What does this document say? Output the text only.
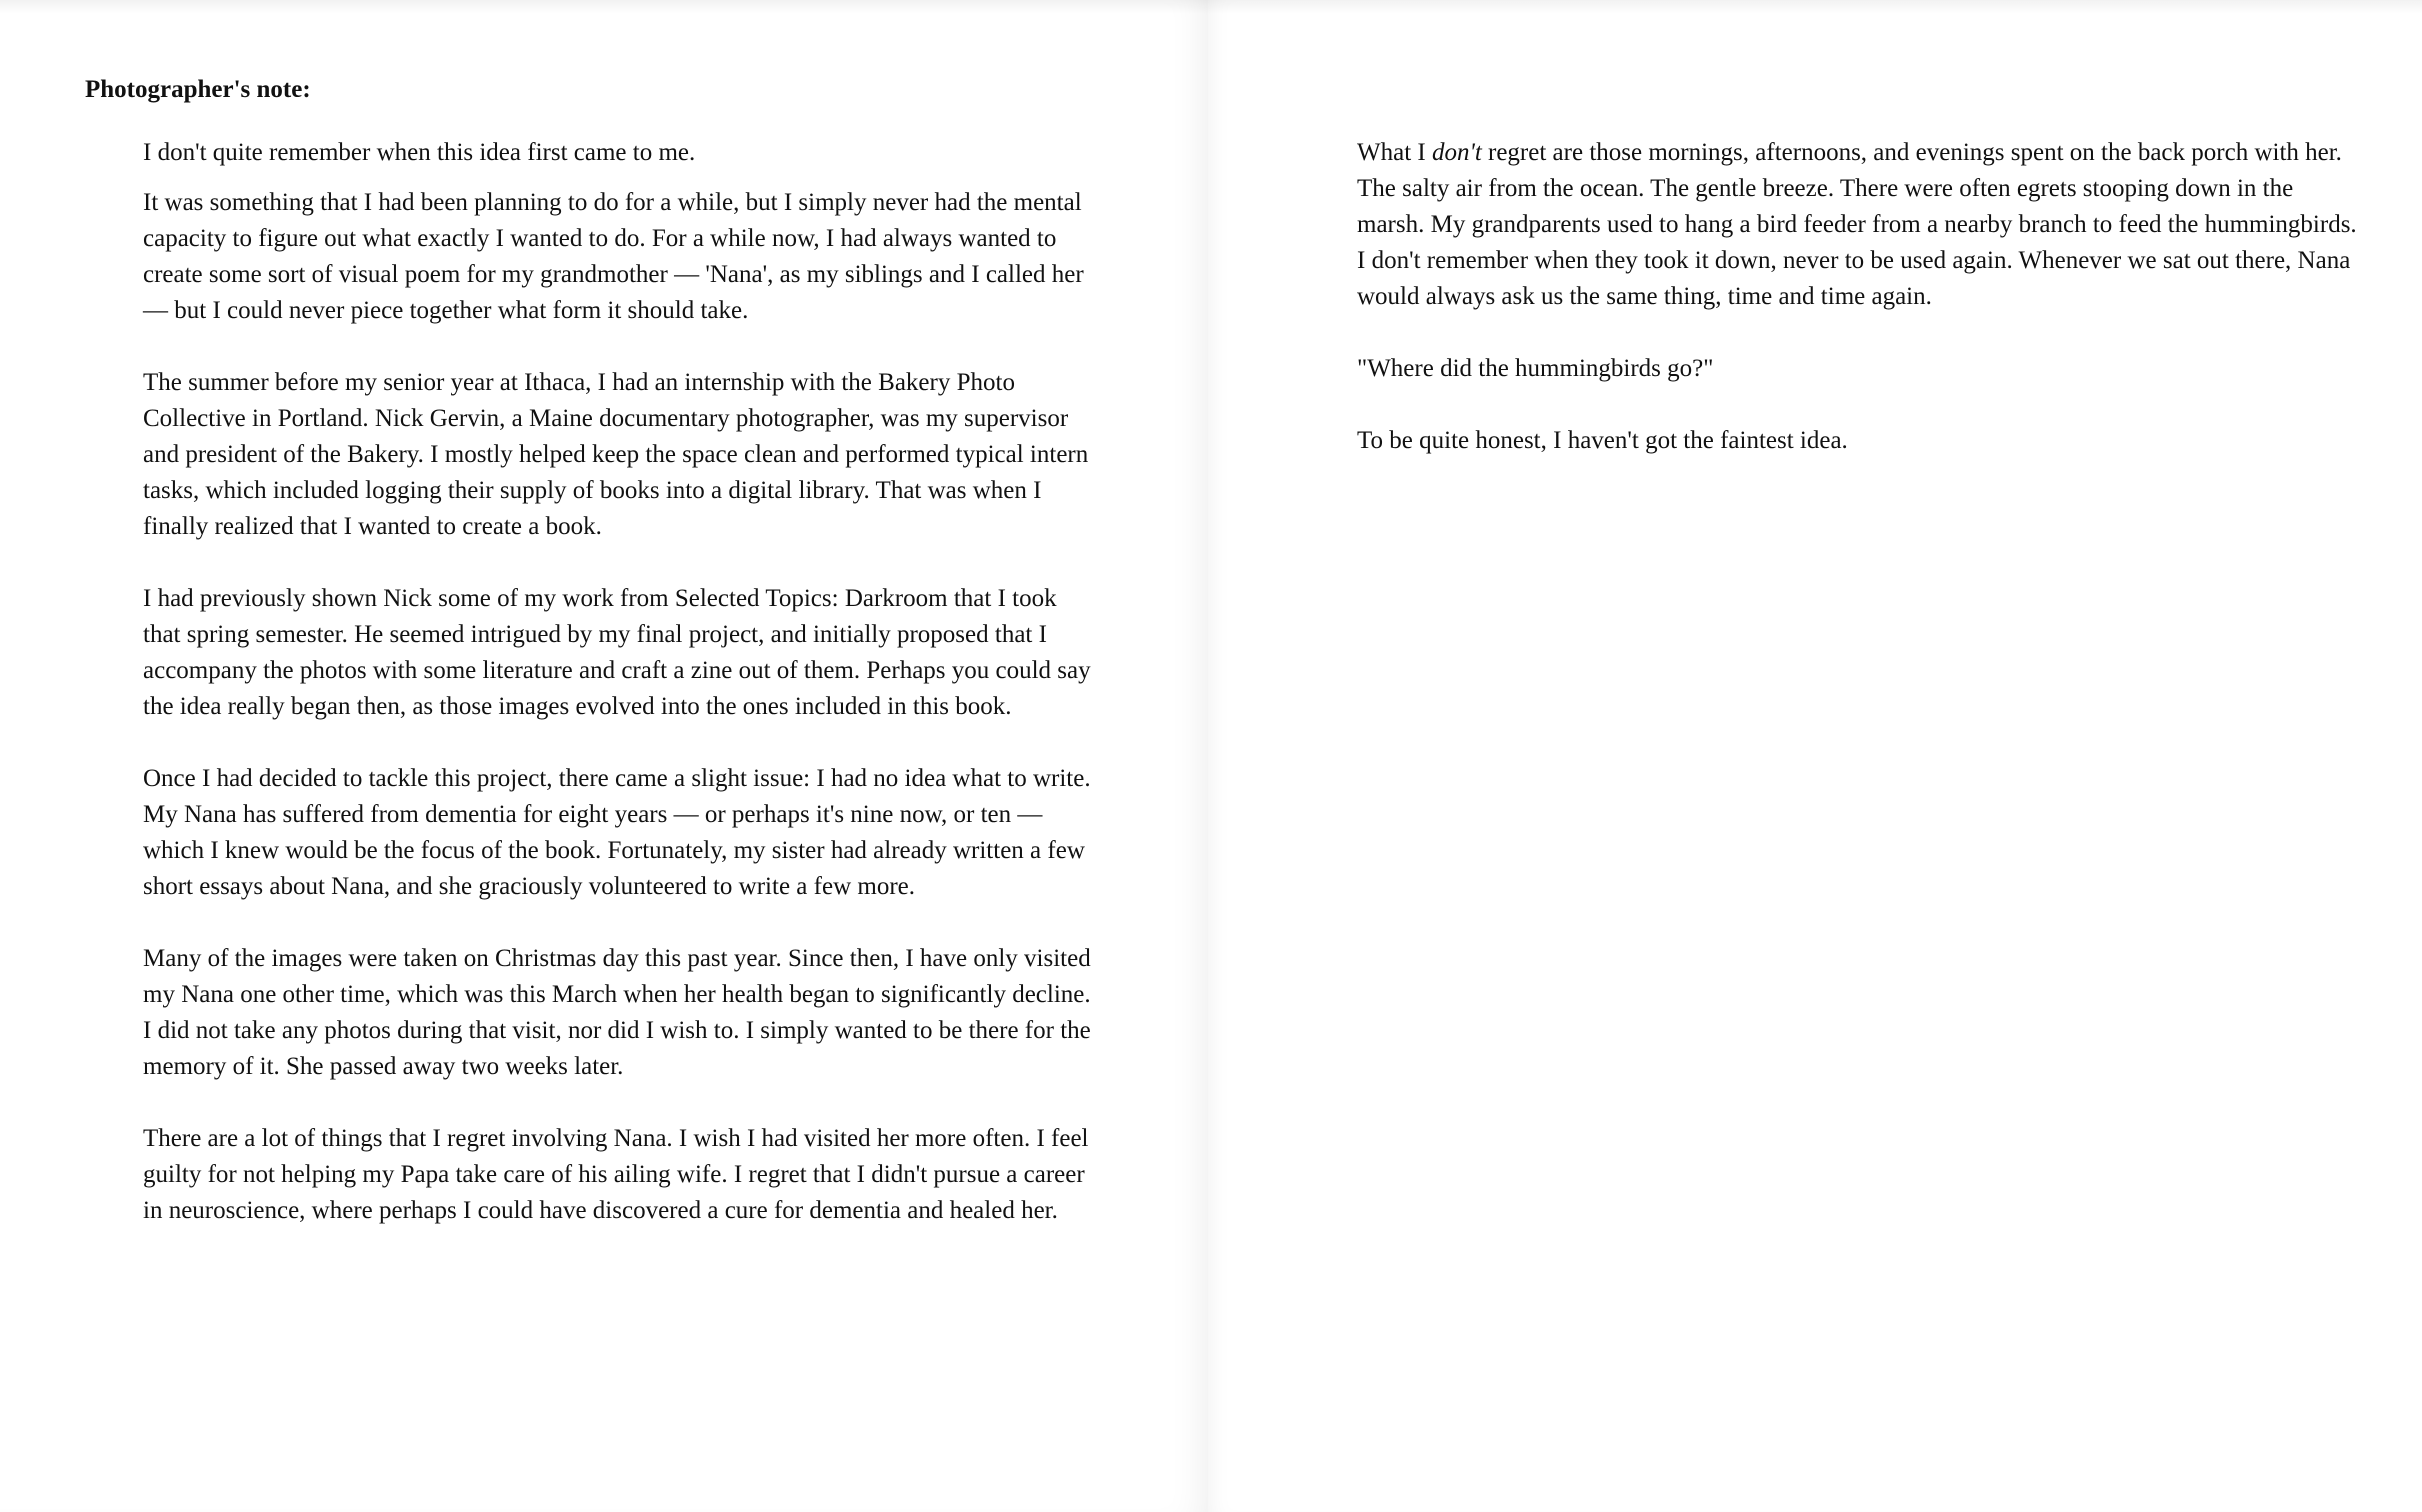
Photographer's note:

I don't quite remember when this idea first came to me.

It was something that I had been planning to do for a while, but I simply never had the mental capacity to figure out what exactly I wanted to do. For a while now, I had always wanted to create some sort of visual poem for my grandmother — 'Nana', as my siblings and I called her — but I could never piece together what form it should take.

The summer before my senior year at Ithaca, I had an internship with the Bakery Photo Collective in Portland. Nick Gervin, a Maine documentary photographer, was my supervisor and president of the Bakery. I mostly helped keep the space clean and performed typical intern tasks, which included logging their supply of books into a digital library. That was when I finally realized that I wanted to create a book.

I had previously shown Nick some of my work from Selected Topics: Darkroom that I took that spring semester. He seemed intrigued by my final project, and initially proposed that I accompany the photos with some literature and craft a zine out of them. Perhaps you could say the idea really began then, as those images evolved into the ones included in this book.

Once I had decided to tackle this project, there came a slight issue: I had no idea what to write. My Nana has suffered from dementia for eight years — or perhaps it's nine now, or ten — which I knew would be the focus of the book. Fortunately, my sister had already written a few short essays about Nana, and she graciously volunteered to write a few more.

Many of the images were taken on Christmas day this past year. Since then, I have only visited my Nana one other time, which was this March when her health began to significantly decline. I did not take any photos during that visit, nor did I wish to. I simply wanted to be there for the memory of it. She passed away two weeks later.

There are a lot of things that I regret involving Nana. I wish I had visited her more often. I feel guilty for not helping my Papa take care of his ailing wife. I regret that I didn't pursue a career in neuroscience, where perhaps I could have discovered a cure for dementia and healed her.

What I don't regret are those mornings, afternoons, and evenings spent on the back porch with her. The salty air from the ocean. The gentle breeze. There were often egrets stooping down in the marsh. My grandparents used to hang a bird feeder from a nearby branch to feed the hummingbirds. I don't remember when they took it down, never to be used again. Whenever we sat out there, Nana would always ask us the same thing, time and time again.

"Where did the hummingbirds go?"

To be quite honest, I haven't got the faintest idea.
